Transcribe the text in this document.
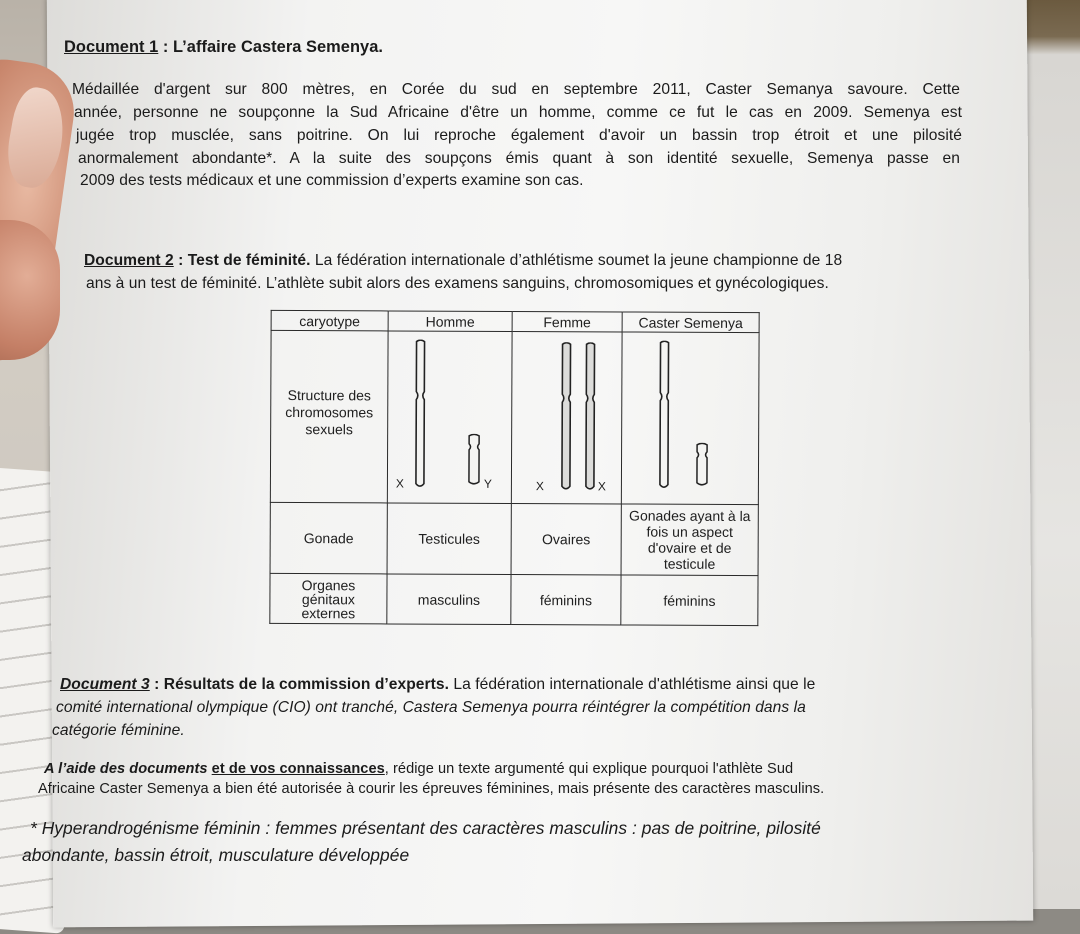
Document 1 : L’affaire Castera Semenya.
Médaillée d'argent sur 800 mètres, en Corée du sud en septembre 2011, Caster Semanya savoure. Cette
année, personne ne soupçonne la Sud Africaine d'être un homme, comme ce fut le cas en 2009. Semenya est
jugée trop musclée, sans poitrine. On lui reproche également d'avoir un bassin trop étroit et une pilosité
anormalement abondante*. A la suite des soupçons émis quant à son identité sexuelle, Semenya passe en
2009 des tests médicaux et une commission d’experts examine son cas.
Document 2 : Test de féminité. La fédération internationale d’athlétisme soumet la jeune championne de 18
ans à un test de féminité. L’athlète subit alors des examens sanguins, chromosomiques et gynécologiques.
caryotype	Homme	Femme	Caster Semenya

Structure des chromosomes sexuels	X Y	X X

Gonade	Testicules	Ovaires	Gonades ayant à la fois un aspect d'ovaire et de testicule
Organes génitaux externes	masculins	féminins	féminins
Document 3 : Résultats de la commission d’experts. La fédération internationale d'athlétisme ainsi que le
comité international olympique (CIO) ont tranché, Castera Semenya pourra réintégrer la compétition dans la
catégorie féminine.
A l’aide des documents et de vos connaissances, rédige un texte argumenté qui explique pourquoi l'athlète Sud
Africaine Caster Semenya a bien été autorisée à courir les épreuves féminines, mais présente des caractères masculins.
* Hyperandrogénisme féminin : femmes présentant des caractères masculins : pas de poitrine, pilosité
abondante, bassin étroit, musculature développée
